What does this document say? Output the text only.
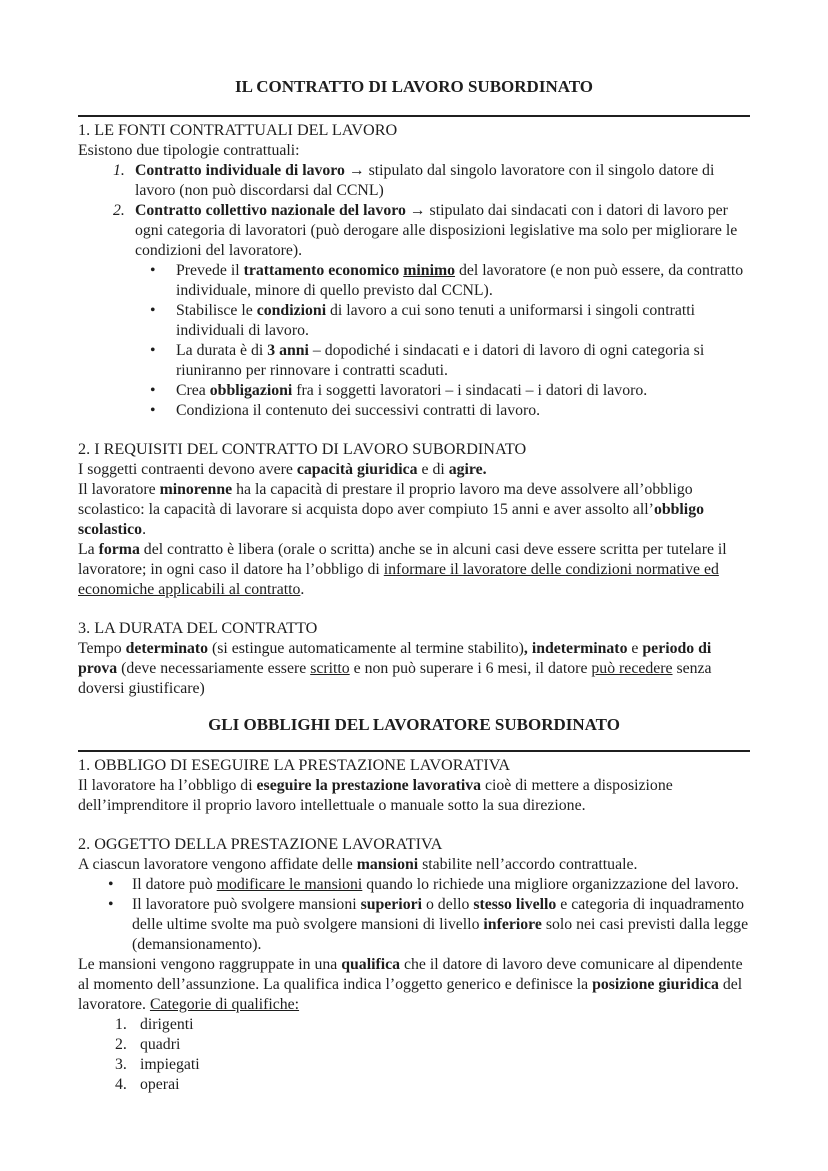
IL CONTRATTO DI LAVORO SUBORDINATO
1. LE FONTI CONTRATTUALI DEL LAVORO
Esistono due tipologie contrattuali:
1. Contratto individuale di lavoro → stipulato dal singolo lavoratore con il singolo datore di lavoro (non può discordarsi dal CCNL)
2. Contratto collettivo nazionale del lavoro → stipulato dai sindacati con i datori di lavoro per ogni categoria di lavoratori (può derogare alle disposizioni legislative ma solo per migliorare le condizioni del lavoratore).
•	Prevede il trattamento economico minimo del lavoratore (e non può essere, da contratto individuale, minore di quello previsto dal CCNL).
•	Stabilisce le condizioni di lavoro a cui sono tenuti a uniformarsi i singoli contratti individuali di lavoro.
•	La durata è di 3 anni – dopodiché i sindacati e i datori di lavoro di ogni categoria si riuniranno per rinnovare i contratti scaduti.
•	Crea obbligazioni fra i soggetti lavoratori – i sindacati – i datori di lavoro.
•	Condiziona il contenuto dei successivi contratti di lavoro.
2. I REQUISITI DEL CONTRATTO DI LAVORO SUBORDINATO
I soggetti contraenti devono avere capacità giuridica e di agire.
Il lavoratore minorenne ha la capacità di prestare il proprio lavoro ma deve assolvere all’obbligo scolastico: la capacità di lavorare si acquista dopo aver compiuto 15 anni e aver assolto all’obbligo scolastico.
La forma del contratto è libera (orale o scritta) anche se in alcuni casi deve essere scritta per tutelare il lavoratore; in ogni caso il datore ha l’obbligo di informare il lavoratore delle condizioni normative ed economiche applicabili al contratto.
3. LA DURATA DEL CONTRATTO
Tempo determinato (si estingue automaticamente al termine stabilito), indeterminato e periodo di prova (deve necessariamente essere scritto e non può superare i 6 mesi, il datore può recedere senza doversi giustificare)
GLI OBBLIGHI DEL LAVORATORE SUBORDINATO
1. OBBLIGO DI ESEGUIRE LA PRESTAZIONE LAVORATIVA
Il lavoratore ha l’obbligo di eseguire la prestazione lavorativa cioè di mettere a disposizione dell’imprenditore il proprio lavoro intellettuale o manuale sotto la sua direzione.
2. OGGETTO DELLA PRESTAZIONE LAVORATIVA
A ciascun lavoratore vengono affidate delle mansioni stabilite nell’accordo contrattuale.
•	Il datore può modificare le mansioni quando lo richiede una migliore organizzazione del lavoro.
•	Il lavoratore può svolgere mansioni superiori o dello stesso livello e categoria di inquadramento delle ultime svolte ma può svolgere mansioni di livello inferiore solo nei casi previsti dalla legge (demansionamento).
Le mansioni vengono raggruppate in una qualifica che il datore di lavoro deve comunicare al dipendente al momento dell’assunzione. La qualifica indica l’oggetto generico e definisce la posizione giuridica del lavoratore. Categorie di qualifiche:
1. dirigenti
2. quadri
3. impiegati
4. operai
